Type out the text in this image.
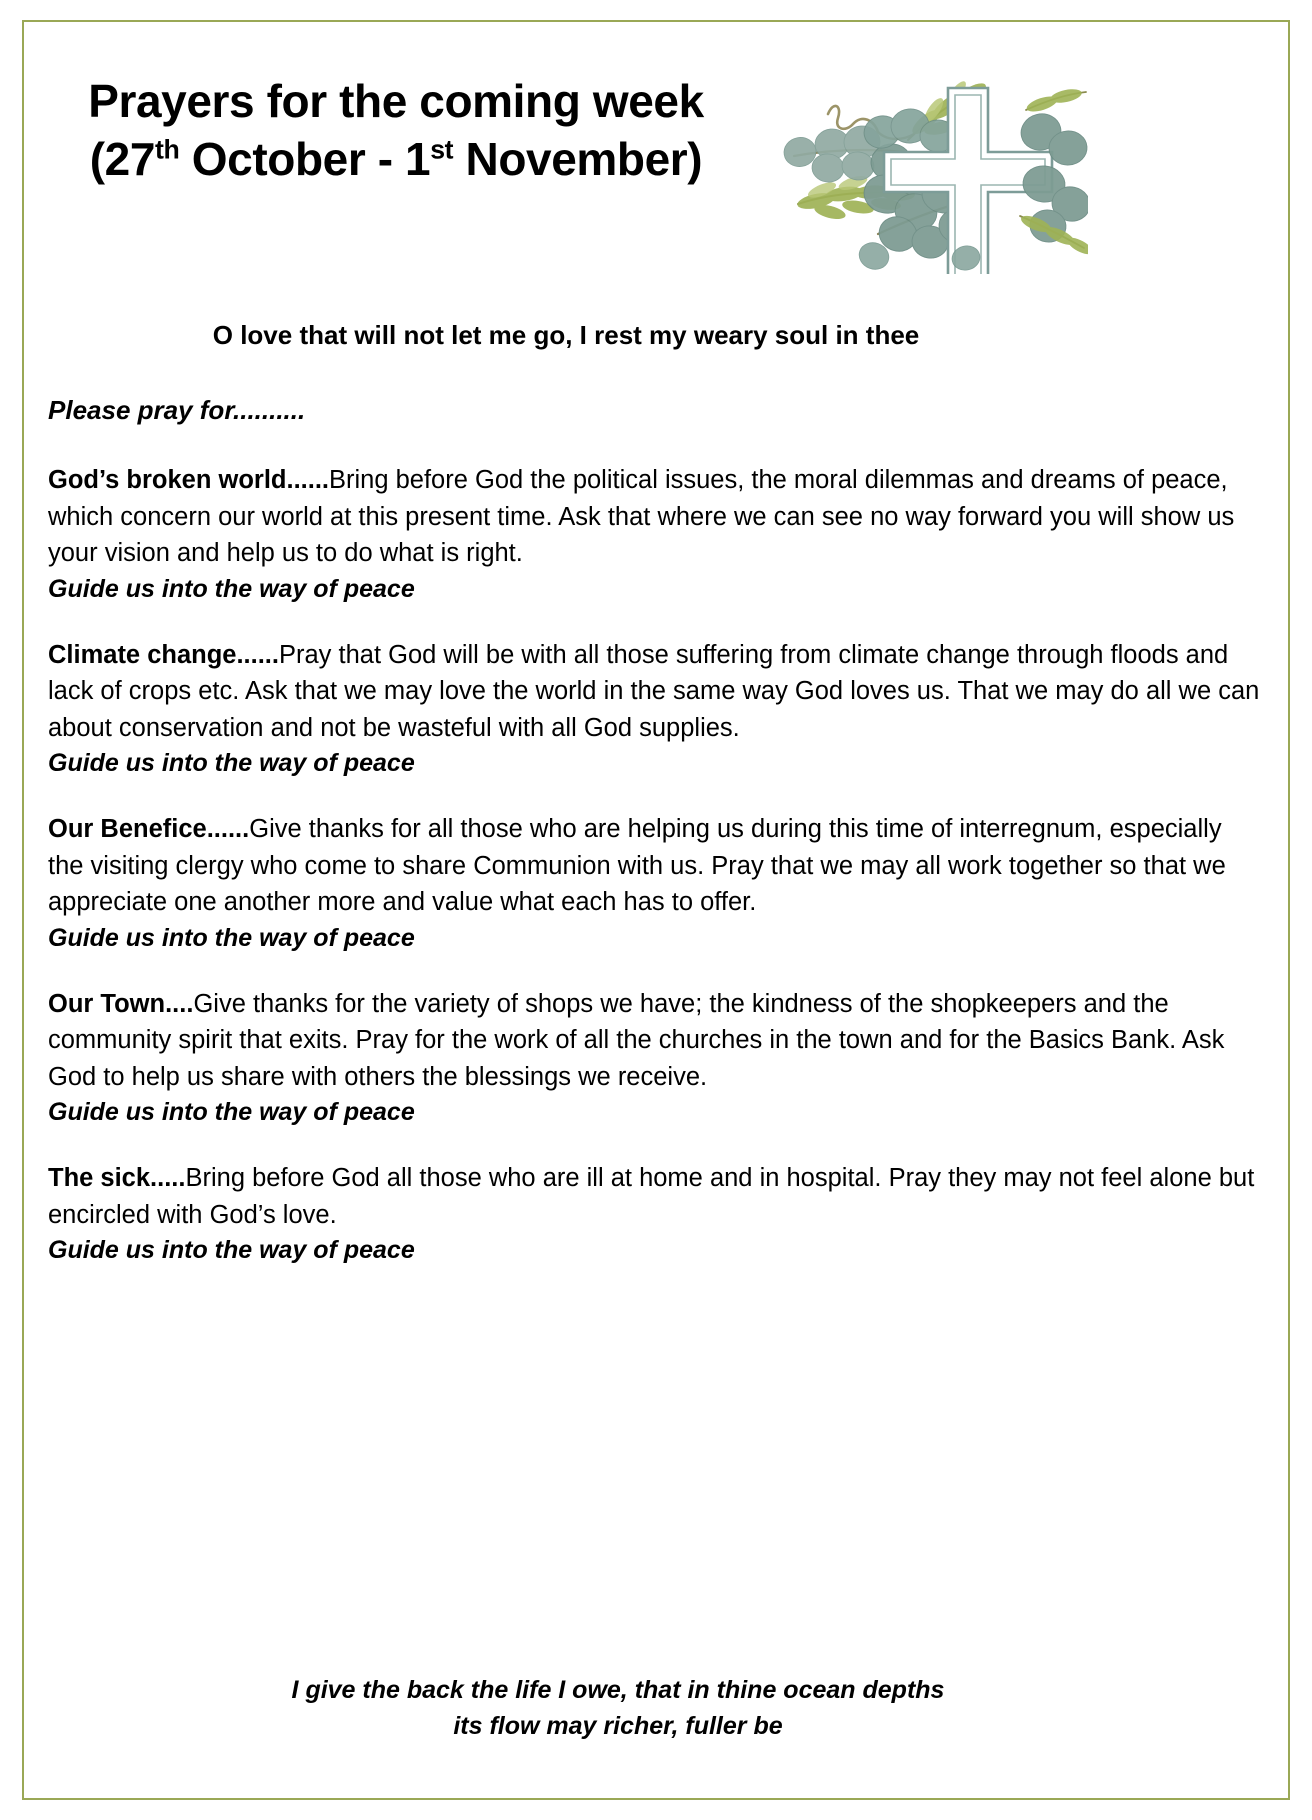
Prayers for the coming week
(27th October - 1st November)
O love that will not let me go, I rest my weary soul in thee

Please pray for..........

God’s broken world......Bring before God the political issues, the moral dilemmas and dreams of peace, which concern our world at this present time. Ask that where we can see no way forward you will show us your vision and help us to do what is right.

Guide us into the way of peace

Climate change......Pray that God will be with all those suffering from climate change through floods and lack of crops etc. Ask that we may love the world in the same way God loves us. That we may do all we can about conservation and not be wasteful with all God supplies.

Guide us into the way of peace

Our Benefice......Give thanks for all those who are helping us during this time of interregnum, especially the visiting clergy who come to share Communion with us. Pray that we may all work together so that we appreciate one another more and value what each has to offer.

Guide us into the way of peace

Our Town....Give thanks for the variety of shops we have; the kindness of the shopkeepers and the community spirit that exits. Pray for the work of all the churches in the town and for the Basics Bank. Ask God to help us share with others the blessings we receive.

Guide us into the way of peace

The sick.....Bring before God all those who are ill at home and in hospital. Pray they may not feel alone but encircled with God’s love.

Guide us into the way of peace

I give the back the life I owe, that in thine ocean depths
its flow may richer, fuller be
